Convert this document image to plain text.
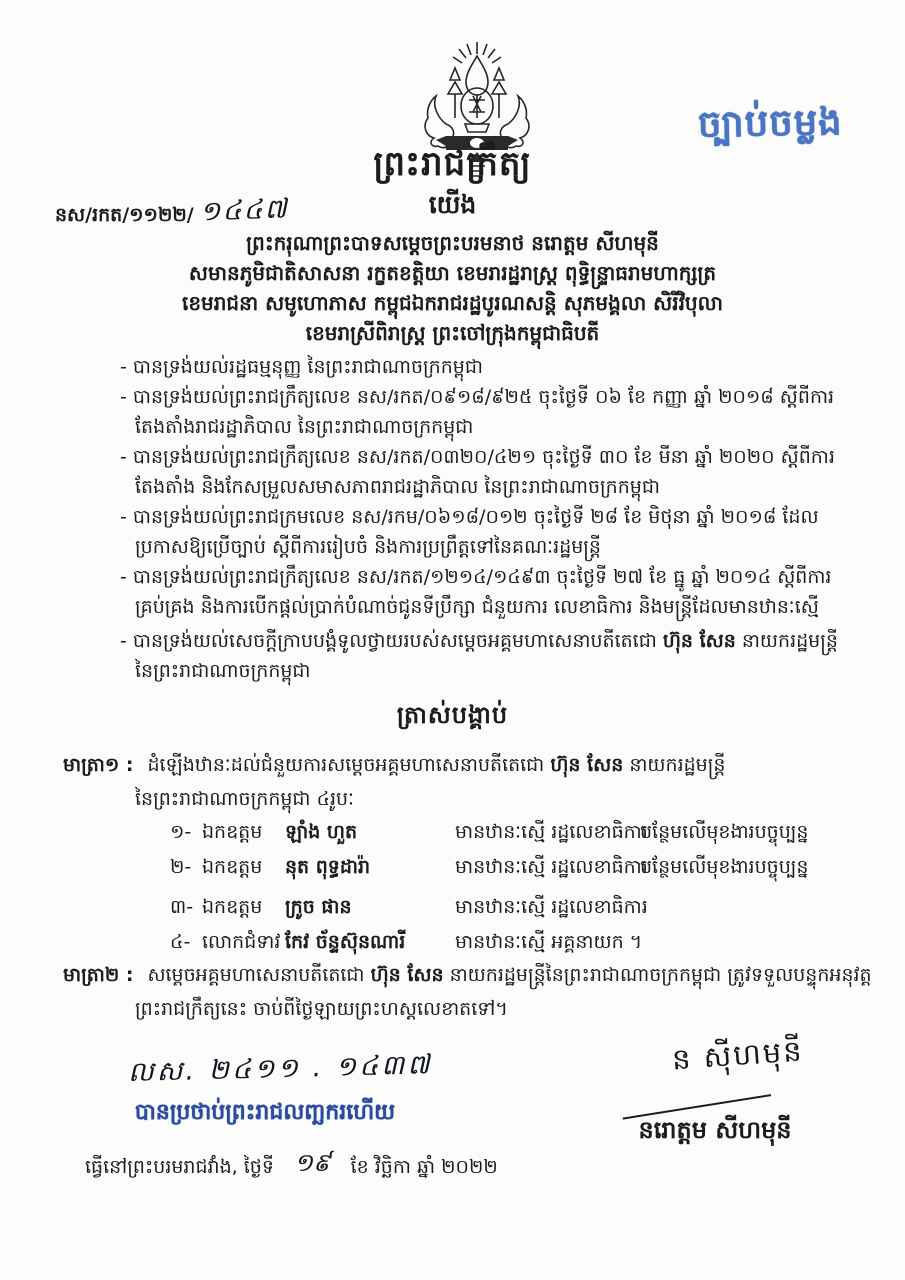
ច្បាប់ចម្លង
ព្រះរាជក្រឹត្យ
នស/រកត/១១២២/ ១៤៤៧	យើង
ព្រះករុណាព្រះបាទសម្តេចព្រះបរមនាថ នរោត្តម សីហមុនី
សមានភូមិជាតិសាសនា រក្ខតខត្តិយា ខេមរារដ្ឋរាស្ត្រ ពុទ្ធិន្ទ្រាធរាមហាក្សត្រ
ខេមរាជនា សមូហោភាស កម្ពុជឯករាជរដ្ឋបូរណសន្តិ សុភមង្គលា សិរីវិបុលា
ខេមរាស្រីពិរាស្ត្រ ព្រះចៅក្រុងកម្ពុជាធិបតី
- បានទ្រង់យល់រដ្ឋធម្មនុញ្ញ នៃព្រះរាជាណាចក្រកម្ពុជា
- បានទ្រង់យល់ព្រះរាជក្រឹត្យលេខ នស/រកត/០៩១៨/៩២៥ ចុះថ្ងៃទី ០៦ ខែ កញ្ញា ឆ្នាំ ២០១៨ ស្តីពីការ
តែងតាំងរាជរដ្ឋាភិបាល នៃព្រះរាជាណាចក្រកម្ពុជា
- បានទ្រង់យល់ព្រះរាជក្រឹត្យលេខ នស/រកត/០៣២០/៤២១ ចុះថ្ងៃទី ៣០ ខែ មីនា ឆ្នាំ ២០២០ ស្តីពីការ
តែងតាំង និងកែសម្រួលសមាសភាពរាជរដ្ឋាភិបាល នៃព្រះរាជាណាចក្រកម្ពុជា
- បានទ្រង់យល់ព្រះរាជក្រមលេខ នស/រកម/០៦១៨/០១២ ចុះថ្ងៃទី ២៨ ខែ មិថុនា ឆ្នាំ ២០១៨ ដែល
ប្រកាសឱ្យប្រើច្បាប់ ស្តីពីការរៀបចំ និងការប្រព្រឹត្តទៅនៃគណៈរដ្ឋមន្ត្រី
- បានទ្រង់យល់ព្រះរាជក្រឹត្យលេខ នស/រកត/១២១៤/១៤៩៣ ចុះថ្ងៃទី ២៧ ខែ ធ្នូ ឆ្នាំ ២០១៤ ស្តីពីការ
គ្រប់គ្រង និងការបើកផ្តល់ប្រាក់បំណាច់ជូនទីប្រឹក្សា ជំនួយការ លេខាធិការ និងមន្ត្រីដែលមានឋានៈស្មើ
- បានទ្រង់យល់សេចក្តីក្រាបបង្គំទូលថ្វាយរបស់សម្តេចអគ្គមហាសេនាបតីតេជោ ហ៊ុន សែន នាយករដ្ឋមន្ត្រី
នៃព្រះរាជាណាចក្រកម្ពុជា
ត្រាស់បង្គាប់
មាត្រា១ : ដំឡើងឋានៈដល់ជំនួយការសម្តេចអគ្គមហាសេនាបតីតេជោ ហ៊ុន សែន នាយករដ្ឋមន្ត្រី
នៃព្រះរាជាណាចក្រកម្ពុជា ៤រូបៈ
១- ឯកឧត្តម ឡាំង ហួត	មានឋានៈស្មើ រដ្ឋលេខាធិការ
បន្ថែមលើមុខងារបច្ចុប្បន្ន
២- ឯកឧត្តម នុត ពុទ្ធដារ៉ា	មានឋានៈស្មើ រដ្ឋលេខាធិការ
បន្ថែមលើមុខងារបច្ចុប្បន្ន
៣- ឯកឧត្តម ក្រូច ផាន	មានឋានៈស្មើ រដ្ឋលេខាធិការ
៤- លោកជំទាវ កែវ ច័ន្ទស៊ុនណារី	មានឋានៈស្មើ អគ្គនាយក ។
មាត្រា២ : សម្តេចអគ្គមហាសេនាបតីតេជោ ហ៊ុន សែន នាយករដ្ឋមន្ត្រីនៃព្រះរាជាណាចក្រកម្ពុជា ត្រូវទទួលបន្ទុកអនុវត្ត
ព្រះរាជក្រឹត្យនេះ ចាប់ពីថ្ងៃឡាយព្រះហស្តលេខាតទៅ។
លស. ២៤១១ . ១៤៣៧
បានប្រថាប់ព្រះរាជលញ្ឆករហើយ
ធ្វើនៅព្រះបរមរាជវាំង, ថ្ងៃទី ១៩ ខែ វិច្ឆិកា ឆ្នាំ ២០២២
ន ស៊ីហមុនី
នរោត្តម សីហមុនី
